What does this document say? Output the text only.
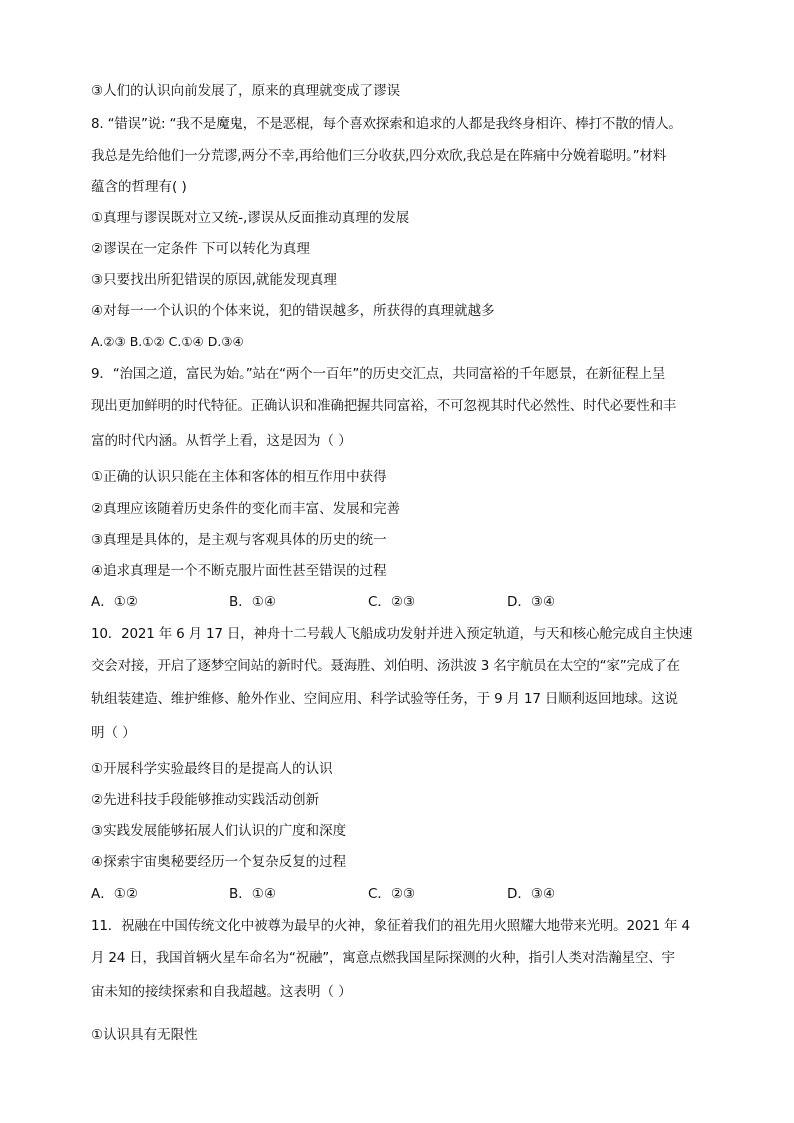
③人们的认识向前发展了，原来的真理就变成了谬误

8. “错误”说: “我不是魔鬼，不是恶棍，每个喜欢探索和追求的人都是我终身相许、棒打不散的情人。

我总是先给他们一分荒谬,两分不幸,再给他们三分收获,四分欢欣,我总是在阵痛中分娩着聪明。”材料

蕴含的哲理有( )

①真理与谬误既对立又统-,谬误从反面推动真理的发展

②谬误在一定条件 下可以转化为真理

③只要找出所犯错误的原因,就能发现真理

④对每一一个认识的个体来说，犯的错误越多，所获得的真理就越多

A.②③ B.①② C.①④ D.③④

9．“治国之道，富民为始。”站在“两个一百年”的历史交汇点，共同富裕的千年愿景，在新征程上呈

现出更加鲜明的时代特征。正确认识和准确把握共同富裕，不可忽视其时代必然性、时代必要性和丰

富的时代内涵。从哲学上看，这是因为（ ）

①正确的认识只能在主体和客体的相互作用中获得

②真理应该随着历史条件的变化而丰富、发展和完善

③真理是具体的，是主观与客观具体的历史的统一

④追求真理是一个不断克服片面性甚至错误的过程

A．①②	B．①④	C．②③	D．③④

10．2021 年 6 月 17 日，神舟十二号载人飞船成功发射并进入预定轨道，与天和核心舱完成自主快速

交会对接，开启了逐梦空间站的新时代。聂海胜、刘伯明、汤洪波 3 名宇航员在太空的“家”完成了在

轨组装建造、维护维修、舱外作业、空间应用、科学试验等任务，于 9 月 17 日顺利返回地球。这说

明（ ）

①开展科学实验最终目的是提高人的认识

②先进科技手段能够推动实践活动创新

③实践发展能够拓展人们认识的广度和深度

④探索宇宙奥秘要经历一个复杂反复的过程

A．①②	B．①④	C．②③	D．③④

11．祝融在中国传统文化中被尊为最早的火神，象征着我们的祖先用火照耀大地带来光明。2021 年 4

月 24 日，我国首辆火星车命名为“祝融”，寓意点燃我国星际探测的火种，指引人类对浩瀚星空、宇

宙未知的接续探索和自我超越。这表明（ ）

①认识具有无限性
